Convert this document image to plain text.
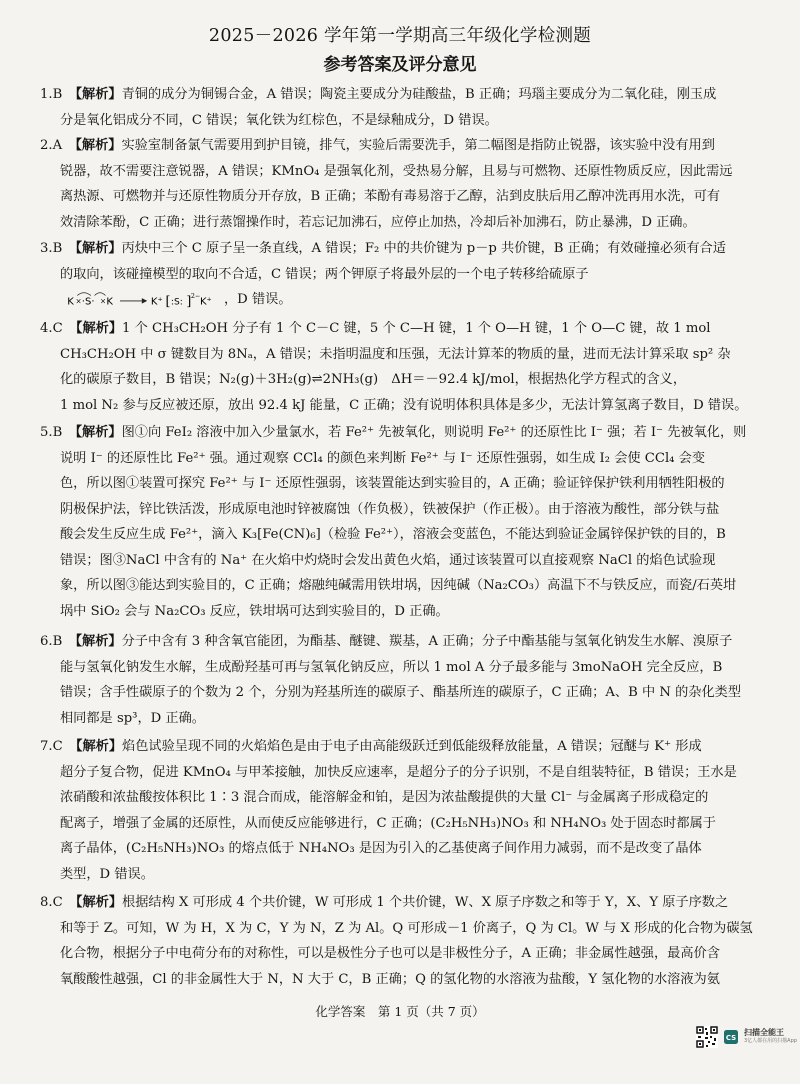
2025－2026 学年第一学期高三年级化学检测题
参考答案及评分意见
1.B　 【解析】青铜的成分为铜锡合金，A 错误；陶瓷主要成分为硅酸盐，B 正确；玛瑙主要成分为二氧化硅，刚玉成
分是氧化铝成分不同，C 错误；氧化铁为红棕色，不是绿釉成分，D 错误。
2.A　 【解析】实验室制备氯气需要用到护目镜，排气，实验后需要洗手，第二幅图是指防止锐器，该实验中没有用到
锐器，故不需要注意锐器，A 错误；KMnO₄ 是强氧化剂，受热易分解，且易与可燃物、还原性物质反应，因此需远
离热源、可燃物并与还原性物质分开存放，B 正确；苯酚有毒易溶于乙醇，沾到皮肤后用乙醇冲洗再用水洗，可有
效清除苯酚，C 正确；进行蒸馏操作时，若忘记加沸石，应停止加热，冷却后补加沸石，防止暴沸，D 正确。
3.B　 【解析】丙炔中三个 C 原子呈一条直线，A 错误；F₂ 中的共价键为 p－p 共价键，B 正确；有效碰撞必须有合适
的取向，该碰撞模型的取向不合适，C 错误；两个钾原子将最外层的一个电子转移给硫原子
K × ·S· × K	K⁺ [ :S: ] 2− K⁺ ，D 错误。
4.C　 【解析】1 个 CH₃CH₂OH 分子有 1 个 C－C 键，5 个 C—H 键，1 个 O—H 键，1 个 O—C 键，故 1 mol
CH₃CH₂OH 中 σ 键数目为 8Nₐ，A 错误；未指明温度和压强，无法计算苯的物质的量，进而无法计算采取 sp² 杂
化的碳原子数目，B 错误；N₂(g)＋3H₂(g)⇌2NH₃(g)　ΔH＝－92.4 kJ/mol，根据热化学方程式的含义，
1 mol N₂ 参与反应被还原，放出 92.4 kJ 能量，C 正确；没有说明体积具体是多少，无法计算氢离子数目，D 错误。
5.B　 【解析】图①向 FeI₂ 溶液中加入少量氯水，若 Fe²⁺ 先被氧化，则说明 Fe²⁺ 的还原性比 I⁻ 强；若 I⁻ 先被氧化，则
说明 I⁻ 的还原性比 Fe²⁺ 强。通过观察 CCl₄ 的颜色来判断 Fe²⁺ 与 I⁻ 还原性强弱，如生成 I₂ 会使 CCl₄ 会变
色，所以图①装置可探究 Fe²⁺ 与 I⁻ 还原性强弱，该装置能达到实验目的，A 正确；验证锌保护铁利用牺牲阳极的
阴极保护法，锌比铁活泼，形成原电池时锌被腐蚀（作负极），铁被保护（作正极）。由于溶液为酸性，部分铁与盐
酸会发生反应生成 Fe²⁺，滴入 K₃[Fe(CN)₆]（检验 Fe²⁺），溶液会变蓝色，不能达到验证金属锌保护铁的目的，B
错误；图③NaCl 中含有的 Na⁺ 在火焰中灼烧时会发出黄色火焰，通过该装置可以直接观察 NaCl 的焰色试验现
象，所以图③能达到实验目的，C 正确；熔融纯碱需用铁坩埚，因纯碱（Na₂CO₃）高温下不与铁反应，而瓷/石英坩
埚中 SiO₂ 会与 Na₂CO₃ 反应，铁坩埚可达到实验目的，D 正确。
6.B　 【解析】分子中含有 3 种含氧官能团，为酯基、醚键、羰基，A 正确；分子中酯基能与氢氧化钠发生水解、溴原子
能与氢氧化钠发生水解，生成酚羟基可再与氢氧化钠反应，所以 1 mol A 分子最多能与 3moNaOH 完全反应，B
错误；含手性碳原子的个数为 2 个，分别为羟基所连的碳原子、酯基所连的碳原子，C 正确；A、B 中 N 的杂化类型
相同都是 sp³，D 正确。
7.C　 【解析】焰色试验呈现不同的火焰焰色是由于电子由高能级跃迁到低能级释放能量，A 错误；冠醚与 K⁺ 形成
超分子复合物，促进 KMnO₄ 与甲苯接触，加快反应速率，是超分子的分子识别，不是自组装特征，B 错误；王水是
浓硝酸和浓盐酸按体积比 1∶3 混合而成，能溶解金和铂，是因为浓盐酸提供的大量 Cl⁻ 与金属离子形成稳定的
配离子，增强了金属的还原性，从而使反应能够进行，C 正确；(C₂H₅NH₃)NO₃ 和 NH₄NO₃ 处于固态时都属于
离子晶体，(C₂H₅NH₃)NO₃ 的熔点低于 NH₄NO₃ 是因为引入的乙基使离子间作用力减弱，而不是改变了晶体
类型，D 错误。
8.C　 【解析】根据结构 X 可形成 4 个共价键，W 可形成 1 个共价键，W、X 原子序数之和等于 Y，X、Y 原子序数之
和等于 Z。可知，W 为 H，X 为 C，Y 为 N，Z 为 Al。Q 可形成－1 价离子，Q 为 Cl。W 与 X 形成的化合物为碳氢
化合物，根据分子中电荷分布的对称性，可以是极性分子也可以是非极性分子，A 正确；非金属性越强，最高价含
氧酸酸性越强，Cl 的非金属性大于 N，N 大于 C，B 正确；Q 的氢化物的水溶液为盐酸，Y 氢化物的水溶液为氨
化学答案　第 1 页（共 7 页）
CS
扫描全能王
3亿人都在用的扫描App
